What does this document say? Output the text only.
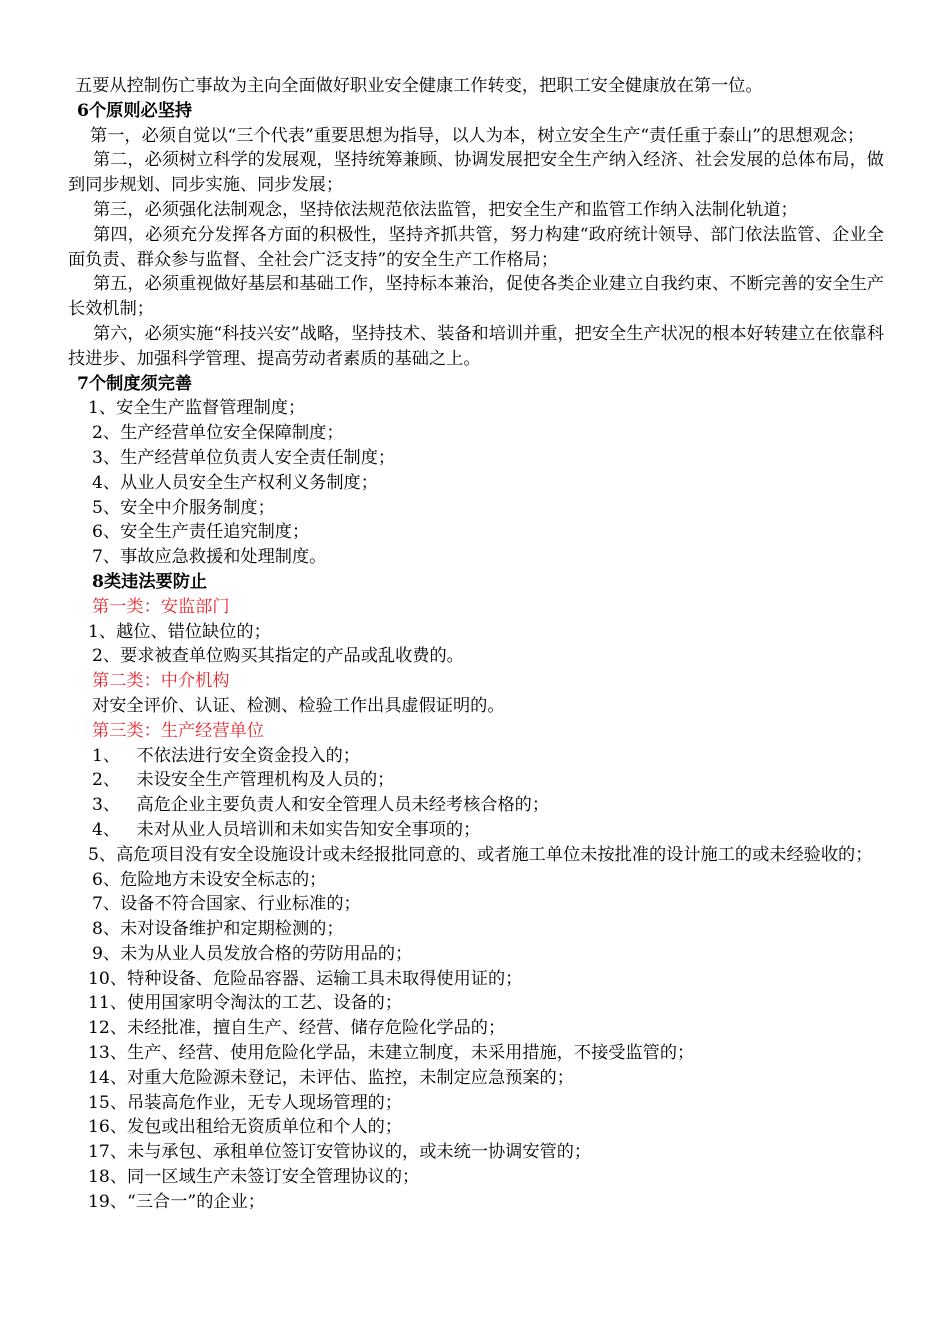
五要从控制伤亡事故为主向全面做好职业安全健康工作转变，把职工安全健康放在第一位。
6个原则必坚持
第一，必须自觉以“三个代表”重要思想为指导，以人为本，树立安全生产“责任重于泰山”的思想观念；
第二，必须树立科学的发展观，坚持统筹兼顾、协调发展把安全生产纳入经济、社会发展的总体布局，做到同步规划、同步实施、同步发展；
第三，必须强化法制观念，坚持依法规范依法监管，把安全生产和监管工作纳入法制化轨道；
第四，必须充分发挥各方面的积极性，坚持齐抓共管，努力构建“政府统计领导、部门依法监管、企业全面负责、群众参与监督、全社会广泛支持”的安全生产工作格局；
第五，必须重视做好基层和基础工作，坚持标本兼治，促使各类企业建立自我约束、不断完善的安全生产长效机制；
第六，必须实施“科技兴安”战略，坚持技术、装备和培训并重，把安全生产状况的根本好转建立在依靠科技进步、加强科学管理、提高劳动者素质的基础之上。
7个制度须完善
1、安全生产监督管理制度；
2、生产经营单位安全保障制度；
3、生产经营单位负责人安全责任制度；
4、从业人员安全生产权利义务制度；
5、安全中介服务制度；
6、安全生产责任追究制度；
7、事故应急救援和处理制度。
8类违法要防止
第一类：安监部门
1、越位、错位缺位的；
2、要求被查单位购买其指定的产品或乱收费的。
第二类：中介机构
对安全评价、认证、检测、检验工作出具虚假证明的。
第三类：生产经营单位
1、   不依法进行安全资金投入的；
2、   未设安全生产管理机构及人员的；
3、   高危企业主要负责人和安全管理人员未经考核合格的；
4、   未对从业人员培训和未如实告知安全事项的；
5、高危项目没有安全设施设计或未经报批同意的、或者施工单位未按批准的设计施工的或未经验收的；
6、危险地方未设安全标志的；
7、设备不符合国家、行业标准的；
8、未对设备维护和定期检测的；
9、未为从业人员发放合格的劳防用品的；
10、特种设备、危险品容器、运输工具未取得使用证的；
11、使用国家明令淘汰的工艺、设备的；
12、未经批准，擅自生产、经营、储存危险化学品的；
13、生产、经营、使用危险化学品，未建立制度，未采用措施，不接受监管的；
14、对重大危险源未登记，未评估、监控，未制定应急预案的；
15、吊装高危作业，无专人现场管理的；
16、发包或出租给无资质单位和个人的；
17、未与承包、承租单位签订安管协议的，或未统一协调安管的；
18、同一区域生产未签订安全管理协议的；
19、“三合一”的企业；
